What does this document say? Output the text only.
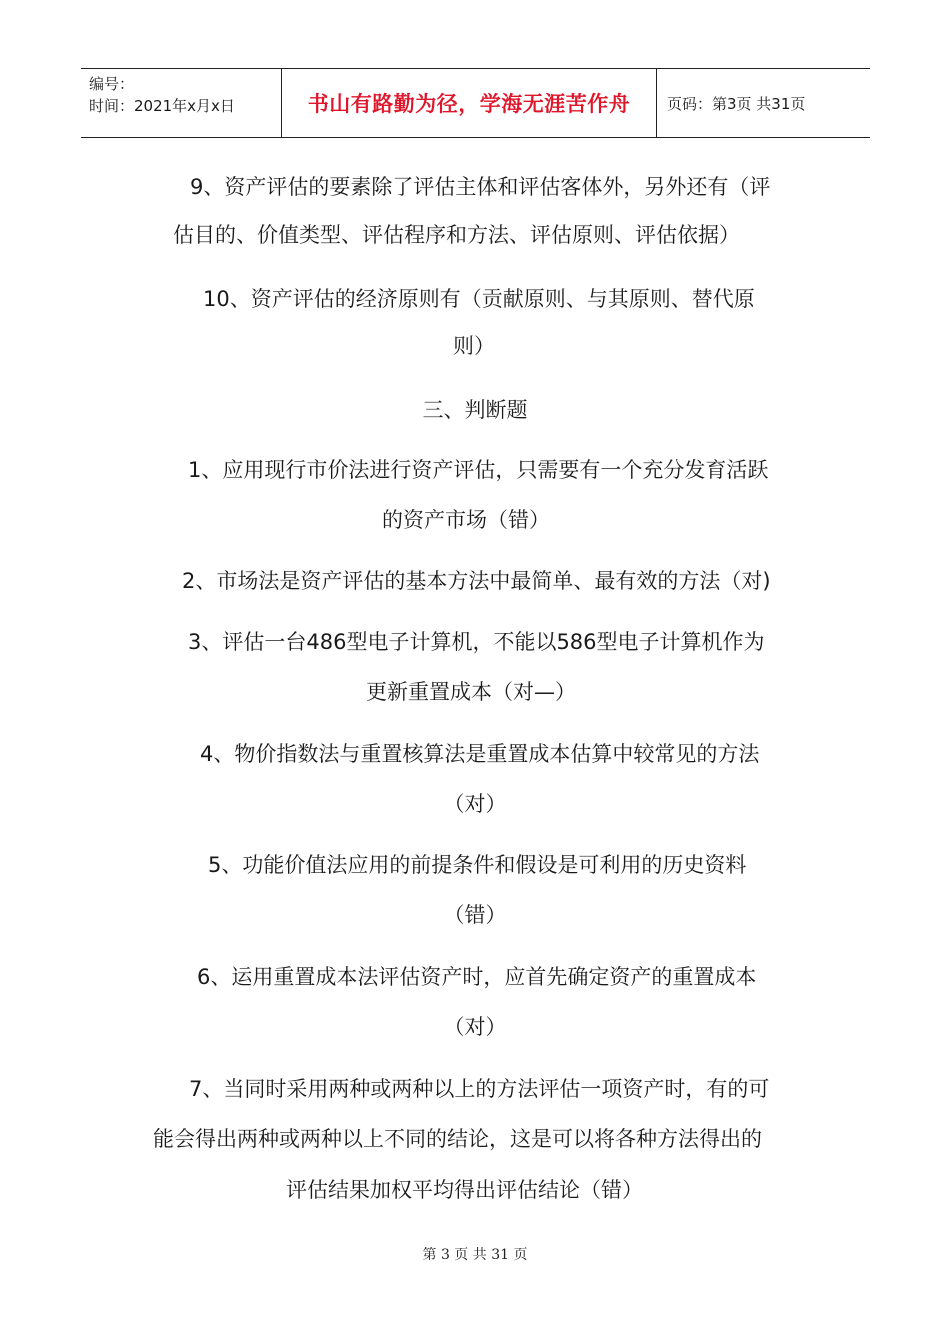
编号：
时间：2021年x月x日	书山有路勤为径，学海无涯苦作舟	页码：第3页 共31页
9、资产评估的要素除了评估主体和评估客体外，另外还有（评
估目的、价值类型、评估程序和方法、评估原则、评估依据）
10、资产评估的经济原则有（贡献原则、与其原则、替代原
则）
三、判断题
1、应用现行市价法进行资产评估，只需要有一个充分发育活跃
的资产市场（错）
2、市场法是资产评估的基本方法中最简单、最有效的方法（对)
3、评估一台486型电子计算机，不能以586型电子计算机作为
更新重置成本（对—）
4、物价指数法与重置核算法是重置成本估算中较常见的方法
（对）
5、功能价值法应用的前提条件和假设是可利用的历史资料
（错）
6、运用重置成本法评估资产时，应首先确定资产的重置成本
（对）
7、当同时采用两种或两种以上的方法评估一项资产时，有的可
能会得出两种或两种以上不同的结论，这是可以将各种方法得出的
评估结果加权平均得出评估结论（错）
第 3 页 共 31 页
